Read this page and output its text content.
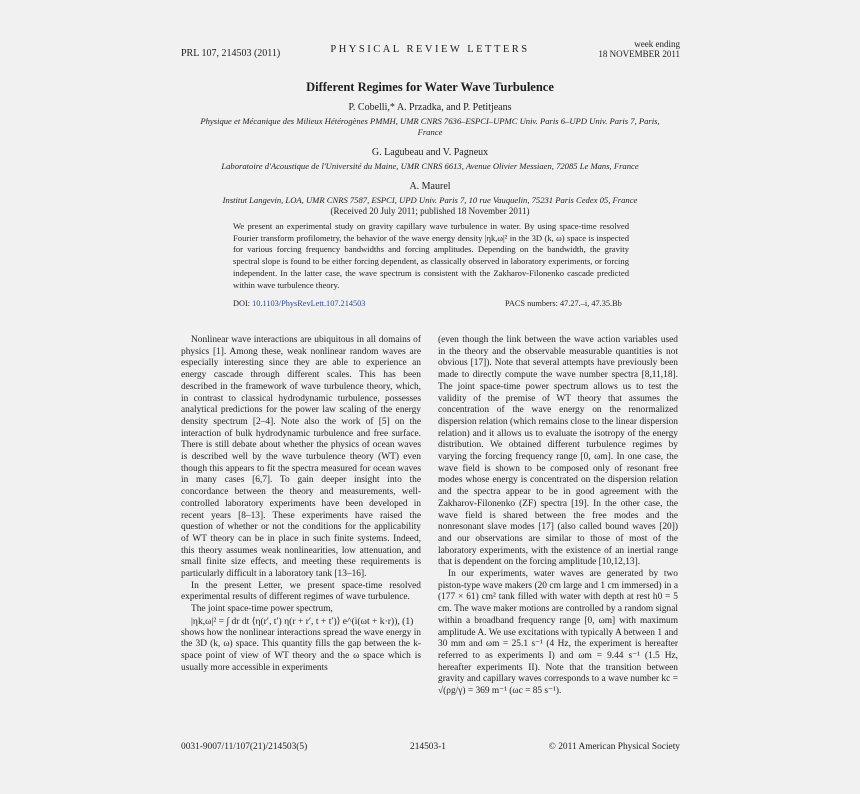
PRL 107, 214503 (2011)	PHYSICAL REVIEW LETTERS	week ending
18 NOVEMBER 2011
Different Regimes for Water Wave Turbulence
P. Cobelli,* A. Przadka, and P. Petitjeans
Physique et Mécanique des Milieux Hétérogènes PMMH, UMR CNRS 7636–ESPCI–UPMC Univ. Paris 6–UPD Univ. Paris 7, Paris, France
G. Lagubeau and V. Pagneux
Laboratoire d'Acoustique de l'Université du Maine, UMR CNRS 6613, Avenue Olivier Messiaen, 72085 Le Mans, France
A. Maurel
Institut Langevin, LOA, UMR CNRS 7587, ESPCI, UPD Univ. Paris 7, 10 rue Vauquelin, 75231 Paris Cedex 05, France
(Received 20 July 2011; published 18 November 2011)
We present an experimental study on gravity capillary wave turbulence in water. By using space-time resolved Fourier transform profilometry, the behavior of the wave energy density |ηk,ω|² in the 3D (k, ω) space is inspected for various forcing frequency bandwidths and forcing amplitudes. Depending on the bandwidth, the gravity spectral slope is found to be either forcing dependent, as classically observed in laboratory experiments, or forcing independent. In the latter case, the wave spectrum is consistent with the Zakharov-Filonenko cascade predicted within wave turbulence theory.
DOI: 10.1103/PhysRevLett.107.214503	PACS numbers: 47.27.–i, 47.35.Bb

Nonlinear wave interactions are ubiquitous in all domains of physics [1]. Among these, weak nonlinear random waves are especially interesting since they are able to experience an energy cascade through different scales. This has been described in the framework of wave turbulence theory, which, in contrast to classical hydrodynamic turbulence, possesses analytical predictions for the power law scaling of the energy density spectrum [2–4]. Note also the work of [5] on the interaction of bulk hydrodynamic turbulence and free surface. There is still debate about whether the physics of ocean waves is described well by the wave turbulence theory (WT) even though this appears to fit the spectra measured for ocean waves in many cases [6,7]. To gain deeper insight into the concordance between the theory and measurements, well-controlled laboratory experiments have been developed in recent years [8–13]. These experiments have raised the question of whether or not the conditions for the applicability of WT theory can be in place in such finite systems. Indeed, this theory assumes weak nonlinearities, low attenuation, and small finite size effects, and meeting these requirements is particularly difficult in a laboratory tank [13–16].

In the present Letter, we present space-time resolved experimental results of different regimes of wave turbulence.

The joint space-time power spectrum,

|ηk,ω|² = ∫ dr dt ⟨η(r′, t′) η(r + r′, t + t′)⟩ e^(i(ωt + k·r)), (1)

shows how the nonlinear interactions spread the wave energy in the 3D (k, ω) space. This quantity fills the gap between the k-space point of view of WT theory and the ω space which is usually more accessible in experiments

(even though the link between the wave action variables used in the theory and the observable measurable quantities is not obvious [17]). Note that several attempts have previously been made to directly compute the wave number spectra [8,11,18]. The joint space-time power spectrum allows us to test the validity of the premise of WT theory that assumes the concentration of the wave energy on the renormalized dispersion relation (which remains close to the linear dispersion relation) and it allows us to evaluate the isotropy of the energy distribution. We obtained different turbulence regimes by varying the forcing frequency range [0, ωm]. In one case, the wave field is shown to be composed only of resonant free modes whose energy is concentrated on the dispersion relation and the spectra appear to be in good agreement with the Zakharov-Filonenko (ZF) spectra [19]. In the other case, the wave field is shared between the free modes and the nonresonant slave modes [17] (also called bound waves [20]) and our observations are similar to those of most of the laboratory experiments, with the existence of an inertial range that is dependent on the forcing amplitude [10,12,13].

In our experiments, water waves are generated by two piston-type wave makers (20 cm large and 1 cm immersed) in a (177 × 61) cm² tank filled with water with depth at rest h0 = 5 cm. The wave maker motions are controlled by a random signal within a broadband frequency range [0, ωm] with maximum amplitude A. We use excitations with typically A between 1 and 30 mm and ωm = 25.1 s⁻¹ (4 Hz, the experiment is hereafter referred to as experiments I) and ωm = 9.44 s⁻¹ (1.5 Hz, hereafter experiments II). Note that the transition between gravity and capillary waves corresponds to a wave number kc = √(ρg/γ) = 369 m⁻¹ (ωc = 85 s⁻¹).

0031-9007/11/107(21)/214503(5)	214503-1	© 2011 American Physical Society
